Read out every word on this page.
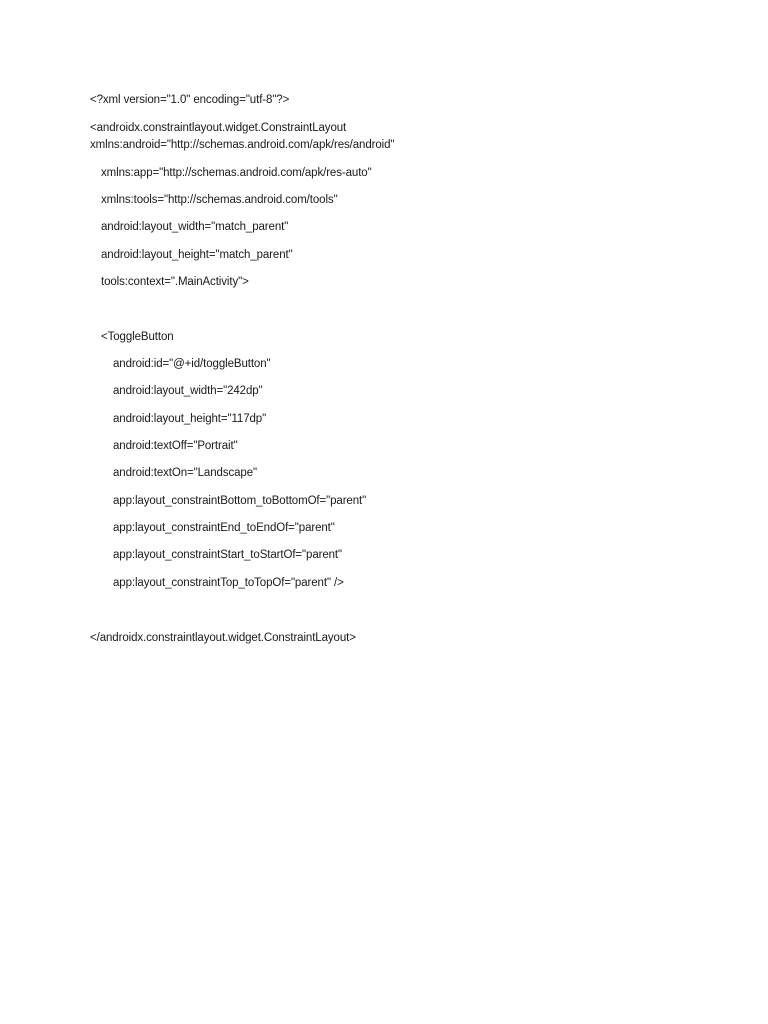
<?xml version="1.0" encoding="utf-8"?>
<androidx.constraintlayout.widget.ConstraintLayout
xmlns:android="http://schemas.android.com/apk/res/android"
xmlns:app="http://schemas.android.com/apk/res-auto"
xmlns:tools="http://schemas.android.com/tools"
android:layout_width="match_parent"
android:layout_height="match_parent"
tools:context=".MainActivity">
<ToggleButton
android:id="@+id/toggleButton"
android:layout_width="242dp"
android:layout_height="117dp"
android:textOff="Portrait"
android:textOn="Landscape"
app:layout_constraintBottom_toBottomOf="parent"
app:layout_constraintEnd_toEndOf="parent"
app:layout_constraintStart_toStartOf="parent"
app:layout_constraintTop_toTopOf="parent" />
</androidx.constraintlayout.widget.ConstraintLayout>
